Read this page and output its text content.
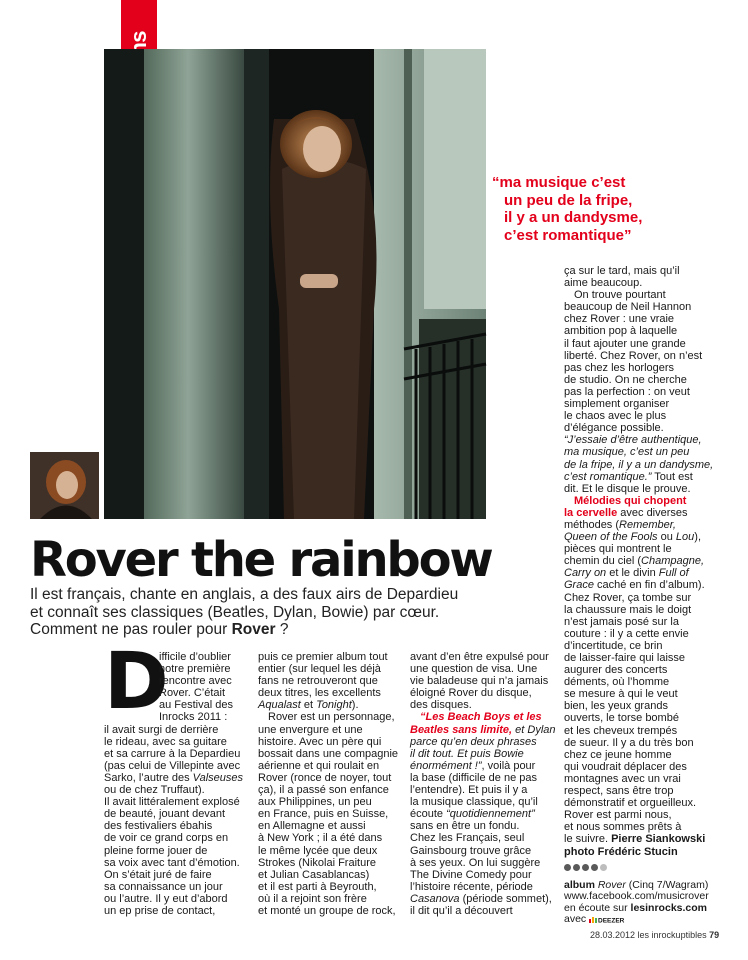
“ma musique c’est
un peu de la fripe,
il y a un dandysme,
c’est romantique”
Rover the rainbow
Il est français, chante en anglais, a des faux airs de Depardieu
et connaît ses classiques (Beatles, Dylan, Bowie) par cœur.
Comment ne pas rouler pour Rover ?
D
ifficile d’oublier
notre première
rencontre avec
Rover. C’était
au Festival des
Inrocks 2011 :
il avait surgi de derrière
le rideau, avec sa guitare
et sa carrure à la Depardieu
(pas celui de Villepinte avec
Sarko, l’autre des Valseuses
ou de chez Truffaut).
Il avait littéralement explosé
de beauté, jouant devant
des festivaliers ébahis
de voir ce grand corps en
pleine forme jouer de
sa voix avec tant d’émotion.
On s’était juré de faire
sa connaissance un jour
ou l’autre. Il y eut d’abord
un ep prise de contact,
puis ce premier album tout
entier (sur lequel les déjà
fans ne retrouveront que
deux titres, les excellents
Aqualast et Tonight).
Rover est un personnage,
une envergure et une
histoire. Avec un père qui
bossait dans une compagnie
aérienne et qui roulait en
Rover (ronce de noyer, tout
ça), il a passé son enfance
aux Philippines, un peu
en France, puis en Suisse,
en Allemagne et aussi
à New York ; il a été dans
le même lycée que deux
Strokes (Nikolai Fraiture
et Julian Casablancas)
et il est parti à Beyrouth,
où il a rejoint son frère
et monté un groupe de rock,
avant d’en être expulsé pour
une question de visa. Une
vie baladeuse qui n’a jamais
éloigné Rover du disque,
des disques.
“Les Beach Boys et les
Beatles sans limite, et Dylan
parce qu’en deux phrases
il dit tout. Et puis Bowie
énormément !”, voilà pour
la base (difficile de ne pas
l’entendre). Et puis il y a
la musique classique, qu’il
écoute “quotidiennement”
sans en être un fondu.
Chez les Français, seul
Gainsbourg trouve grâce
à ses yeux. On lui suggère
The Divine Comedy pour
l’histoire récente, période
Casanova (période sommet),
il dit qu’il a découvert
ça sur le tard, mais qu’il
aime beaucoup.
On trouve pourtant
beaucoup de Neil Hannon
chez Rover : une vraie
ambition pop à laquelle
il faut ajouter une grande
liberté. Chez Rover, on n’est
pas chez les horlogers
de studio. On ne cherche
pas la perfection : on veut
simplement organiser
le chaos avec le plus
d’élégance possible.
“J’essaie d’être authentique,
ma musique, c’est un peu
de la fripe, il y a un dandysme,
c’est romantique.” Tout est
dit. Et le disque le prouve.
Mélodies qui chopent
la cervelle avec diverses
méthodes (Remember,
Queen of the Fools ou Lou),
pièces qui montrent le
chemin du ciel (Champagne,
Carry on et le divin Full of
Grace caché en fin d’album).
Chez Rover, ça tombe sur
la chaussure mais le doigt
n’est jamais posé sur la
couture : il y a cette envie
d’incertitude, ce brin
de laisser-faire qui laisse
augurer des concerts
déments, où l’homme
se mesure à qui le veut
bien, les yeux grands
ouverts, le torse bombé
et les cheveux trempés
de sueur. Il y a du très bon
chez ce jeune homme
qui voudrait déplacer des
montagnes avec un vrai
respect, sans être trop
démonstratif et orgueilleux.
Rover est parmi nous,
et nous sommes prêts à
le suivre. Pierre Siankowski
photo Frédéric Stucin
album Rover (Cinq 7/Wagram)
www.facebook.com/musicrover
en écoute sur lesinrocks.com
avec DEEZER
28.03.2012 les inrockuptibles 79
